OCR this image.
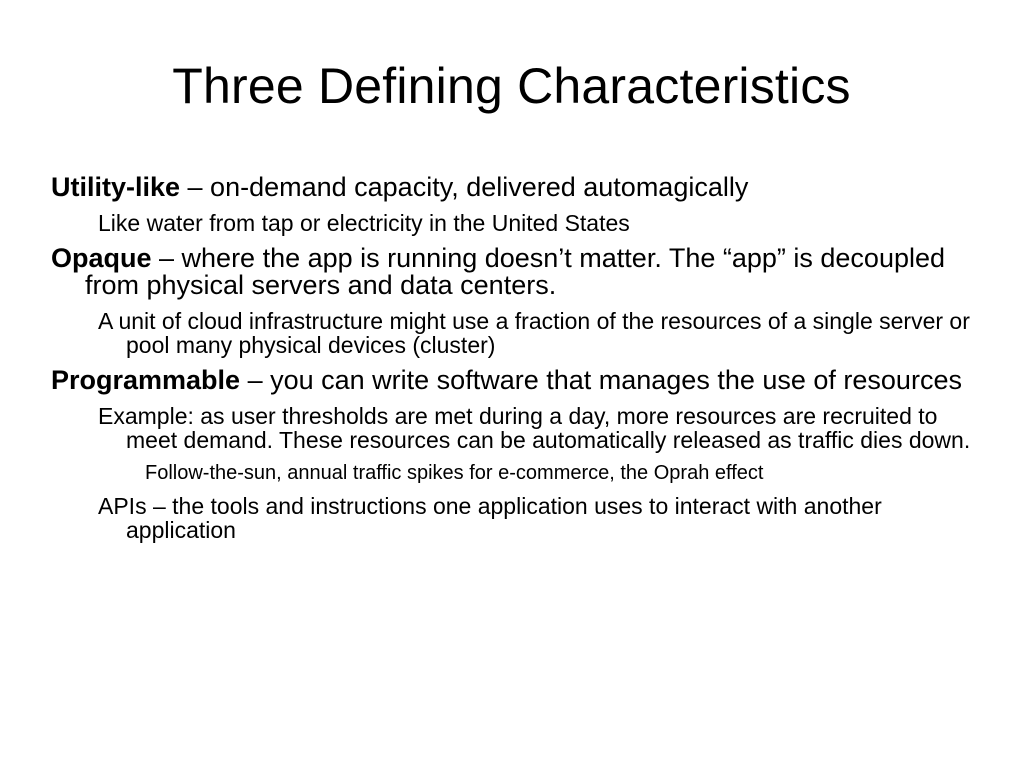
Three Defining Characteristics

Utility-like – on-demand capacity, delivered automagically

Like water from tap or electricity in the United States

Opaque – where the app is running doesn’t matter. The “app” is decoupled from physical servers and data centers.

A unit of cloud infrastructure might use a fraction of the resources of a single server or pool many physical devices (cluster)

Programmable – you can write software that manages the use of resources

Example: as user thresholds are met during a day, more resources are recruited to meet demand. These resources can be automatically released as traffic dies down.

Follow-the-sun, annual traffic spikes for e-commerce, the Oprah effect

APIs – the tools and instructions one application uses to interact with another application
